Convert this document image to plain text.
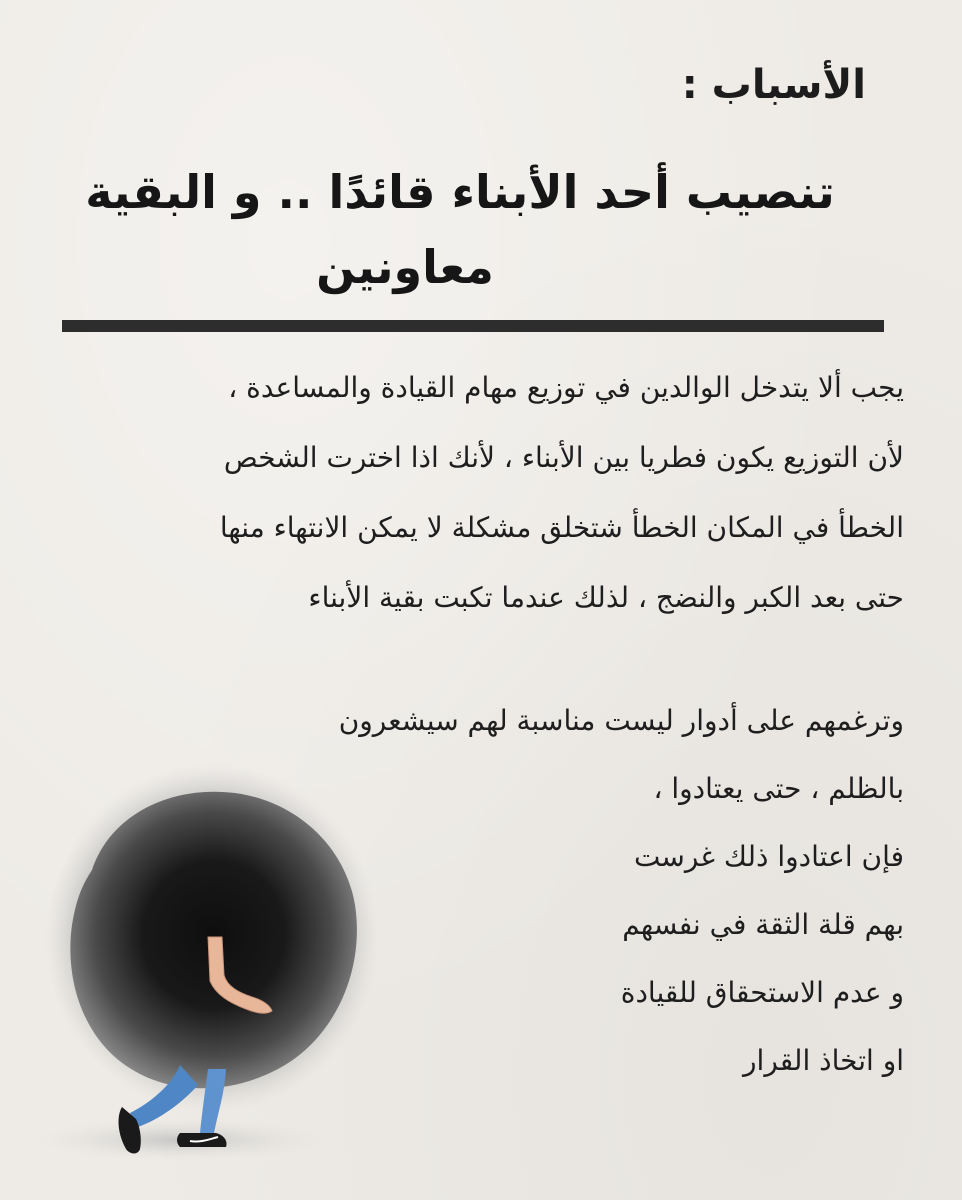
الأسباب :
تنصيب أحد الأبناء قائدًا .. و البقية
معاونين

يجب ألا يتدخل الوالدين في توزيع مهام القيادة والمساعدة ،
لأن التوزيع يكون فطريا بين الأبناء ، لأنك اذا اخترت الشخص
الخطأ في المكان الخطأ شتخلق مشكلة لا يمكن الانتهاء منها
حتى بعد الكبر والنضج ، لذلك عندما تكبت بقية الأبناء

وترغمهم على أدوار ليست مناسبة لهم سيشعرون
بالظلم ، حتى يعتادوا ،
فإن اعتادوا ذلك غرست
بهم قلة الثقة في نفسهم
و عدم الاستحقاق للقيادة
او اتخاذ القرار
